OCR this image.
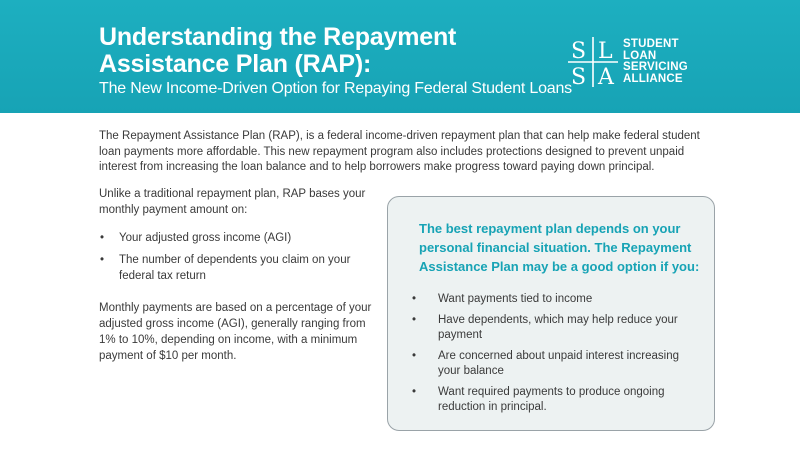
Understanding the Repayment
Assistance Plan (RAP):
The New Income-Driven Option for Repaying Federal Student Loans
S L
S A
STUDENT
LOAN
SERVICING
ALLIANCE
The Repayment Assistance Plan (RAP), is a federal income-driven repayment plan that can help make federal student loan payments more affordable. This new repayment program also includes protections designed to prevent unpaid interest from increasing the loan balance and to help borrowers make progress toward paying down principal.

Unlike a traditional repayment plan, RAP bases your monthly payment amount on:

• Your adjusted gross income (AGI)
• The number of dependents you claim on your federal tax return

Monthly payments are based on a percentage of your adjusted gross income (AGI), generally ranging from 1% to 10%, depending on income, with a minimum payment of $10 per month.

The best repayment plan depends on your personal financial situation. The Repayment Assistance Plan may be a good option if you:
• Want payments tied to income
• Have dependents, which may help reduce your payment
• Are concerned about unpaid interest increasing your balance
• Want required payments to produce ongoing reduction in principal.
